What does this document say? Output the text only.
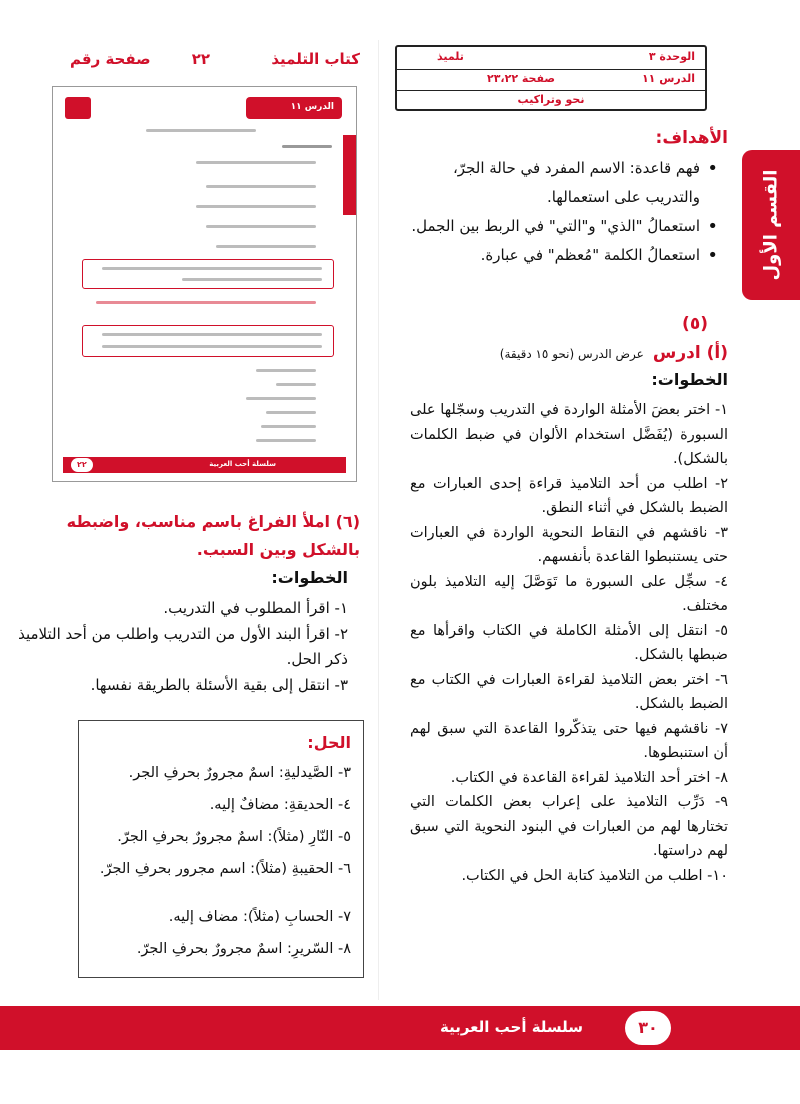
الوحدة ٣
تلميذ
الدرس ١١
صفحة ٢٣،٢٢
نحو وتراكيب
القسم الأول
الأهداف:
• فهم قاعدة: الاسم المفرد في حالة الجرّ، والتدريب على استعمالها.
• استعمالُ "الذي" و"التي" في الربط بين الجمل.
• استعمالُ الكلمة "مُعظم" في عبارة.
(٥)
(أ) ادرس عرض الدرس (نحو ١٥ دقيقة)
الخطوات:

١- اختر بعضَ الأمثلة الواردة في التدريب وسجّلها على السبورة (يُفَضَّل استخدام الألوان في ضبط الكلمات بالشكل).

٢- اطلب من أحد التلاميذ قراءة إحدى العبارات مع الضبط بالشكل في أثناء النطق.

٣- ناقشهم في النقاط النحوية الواردة في العبارات حتى يستنبطوا القاعدة بأنفسهم.

٤- سجِّل على السبورة ما تَوَصَّلَ إليه التلاميذ بلون مختلف.

٥- انتقل إلى الأمثلة الكاملة في الكتاب واقرأها مع ضبطها بالشكل.

٦- اختر بعض التلاميذ لقراءة العبارات في الكتاب مع الضبط بالشكل.

٧- ناقشهم فيها حتى يتذكّروا القاعدة التي سبق لهم أن استنبطوها.

٨- اختر أحد التلاميذ لقراءة القاعدة في الكتاب.

٩- دَرِّب التلاميذ على إعراب بعض الكلمات التي تختارها لهم من العبارات في البنود النحوية التي سبق لهم دراستها.

١٠- اطلب من التلاميذ كتابة الحل في الكتاب.

كتاب التلميذ
٢٢
صفحة رقم
الدرس ١١
سلسلة أحب العربية
٢٢
(٦) املأ الفراغ باسم مناسب، واضبطه بالشكل وبين السبب.
الخطوات:

١- اقرأ المطلوب في التدريب.

٢- اقرأ البند الأول من التدريب واطلب من أحد التلاميذ ذكر الحل.

٣- انتقل إلى بقية الأسئلة بالطريقة نفسها.

الحل:
٣- الصَّيدليةِ: اسمٌ مجرورٌ بحرفِ الجر.
٤- الحديقةِ: مضافٌ إليه.
٥- النّارِ (مثلاً): اسمٌ مجرورٌ بحرفِ الجرّ.
٦- الحقيبةِ (مثلاً): اسم مجرور بحرفِ الجرّ.
٧- الحسابِ (مثلاً): مضاف إليه.
٨- السّريرِ: اسمٌ مجرورٌ بحرفِ الجرّ.
سلسلة أحب العربية	٣٠
